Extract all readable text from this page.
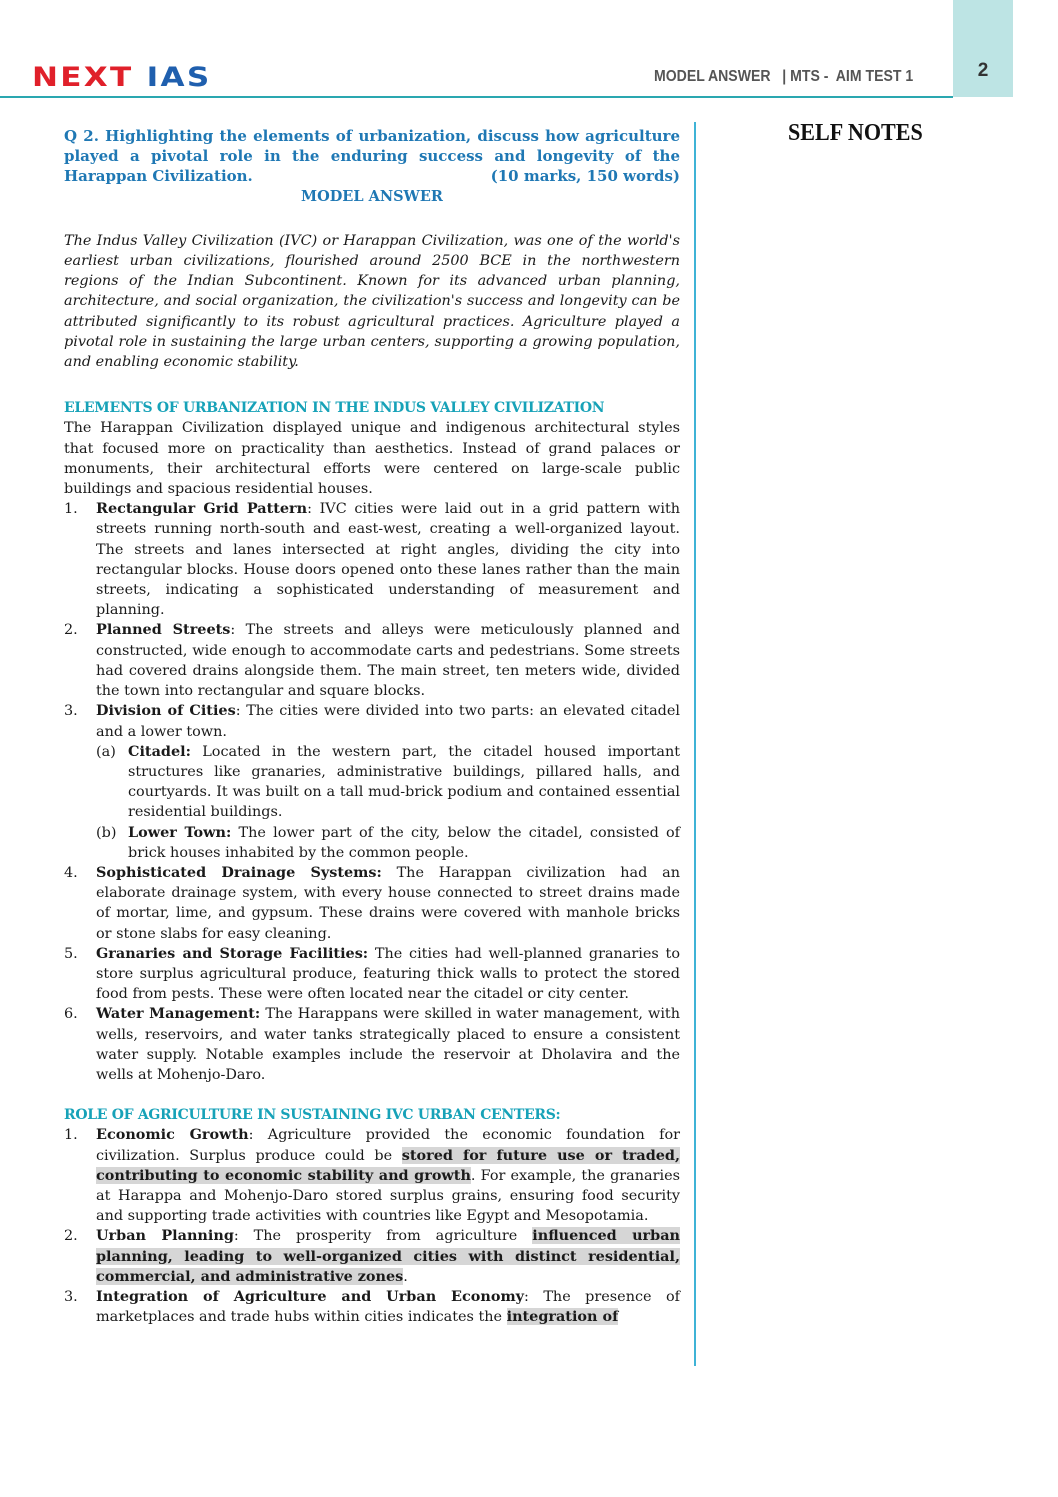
NEXT IAS	MODEL ANSWER   | MTS -  AIM TEST 1	2
SELF NOTES
Q 2. Highlighting the elements of urbanization, discuss how agriculture played a pivotal role in the enduring success and longevity of the Harappan Civilization.	(10 marks, 150 words)
MODEL ANSWER
The Indus Valley Civilization (IVC) or Harappan Civilization, was one of the world's earliest urban civilizations, flourished around 2500 BCE in the northwestern regions of the Indian Subcontinent. Known for its advanced urban planning, architecture, and social organization, the civilization's success and longevity can be attributed significantly to its robust agricultural practices. Agriculture played a pivotal role in sustaining the large urban centers, supporting a growing population, and enabling economic stability.
ELEMENTS OF URBANIZATION IN THE INDUS VALLEY CIVILIZATION
The Harappan Civilization displayed unique and indigenous architectural styles that focused more on practicality than aesthetics. Instead of grand palaces or monuments, their architectural efforts were centered on large-scale public buildings and spacious residential houses.
1. Rectangular Grid Pattern: IVC cities were laid out in a grid pattern with streets running north-south and east-west, creating a well-organized layout. The streets and lanes intersected at right angles, dividing the city into rectangular blocks. House doors opened onto these lanes rather than the main streets, indicating a sophisticated understanding of measurement and planning.
2. Planned Streets: The streets and alleys were meticulously planned and constructed, wide enough to accommodate carts and pedestrians. Some streets had covered drains alongside them. The main street, ten meters wide, divided the town into rectangular and square blocks.
3. Division of Cities: The cities were divided into two parts: an elevated citadel and a lower town.
(a) Citadel: Located in the western part, the citadel housed important structures like granaries, administrative buildings, pillared halls, and courtyards. It was built on a tall mud-brick podium and contained essential residential buildings.
(b) Lower Town: The lower part of the city, below the citadel, consisted of brick houses inhabited by the common people.
4. Sophisticated Drainage Systems: The Harappan civilization had an elaborate drainage system, with every house connected to street drains made of mortar, lime, and gypsum. These drains were covered with manhole bricks or stone slabs for easy cleaning.
5. Granaries and Storage Facilities: The cities had well-planned granaries to store surplus agricultural produce, featuring thick walls to protect the stored food from pests. These were often located near the citadel or city center.
6. Water Management: The Harappans were skilled in water management, with wells, reservoirs, and water tanks strategically placed to ensure a consistent water supply. Notable examples include the reservoir at Dholavira and the wells at Mohenjo-Daro.
ROLE OF AGRICULTURE IN SUSTAINING IVC URBAN CENTERS:
1. Economic Growth: Agriculture provided the economic foundation for civilization. Surplus produce could be stored for future use or traded, contributing to economic stability and growth. For example, the granaries at Harappa and Mohenjo-Daro stored surplus grains, ensuring food security and supporting trade activities with countries like Egypt and Mesopotamia.
2. Urban Planning: The prosperity from agriculture influenced urban planning, leading to well-organized cities with distinct residential, commercial, and administrative zones.
3. Integration of Agriculture and Urban Economy: The presence of marketplaces and trade hubs within cities indicates the integration of
